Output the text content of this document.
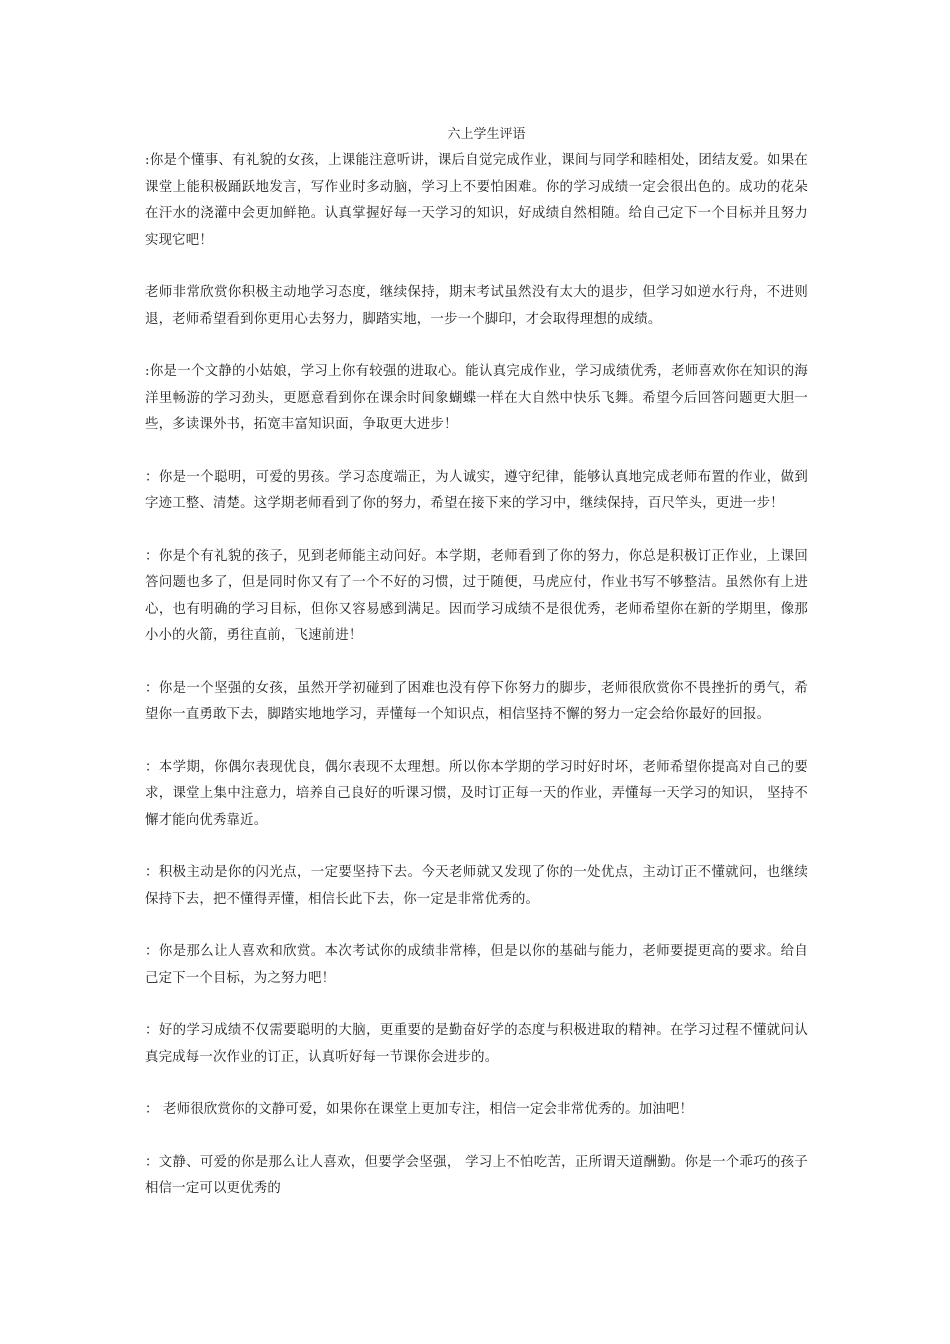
六上学生评语

:你是个懂事、有礼貌的女孩，上课能注意听讲，课后自觉完成作业，课间与同学和睦相处，团结友爱。如果在课堂上能积极踊跃地发言，写作业时多动脑，学习上不要怕困难。你的学习成绩一定会很出色的。成功的花朵在汗水的浇灌中会更加鲜艳。认真掌握好每一天学习的知识，好成绩自然相随。给自己定下一个目标并且努力实现它吧！

老师非常欣赏你积极主动地学习态度，继续保持，期末考试虽然没有太大的退步，但学习如逆水行舟，不进则退，老师希望看到你更用心去努力，脚踏实地，一步一个脚印，才会取得理想的成绩。

:你是一个文静的小姑娘，学习上你有较强的进取心。能认真完成作业，学习成绩优秀，老师喜欢你在知识的海洋里畅游的学习劲头，更愿意看到你在课余时间象蝴蝶一样在大自然中快乐飞舞。希望今后回答问题更大胆一些，多读课外书，拓宽丰富知识面，争取更大进步！

：你是一个聪明，可爱的男孩。学习态度端正，为人诚实，遵守纪律，能够认真地完成老师布置的作业，做到字迹工整、清楚。这学期老师看到了你的努力，希望在接下来的学习中，继续保持，百尺竿头，更进一步！

：你是个有礼貌的孩子，见到老师能主动问好。本学期，老师看到了你的努力，你总是积极订正作业，上课回答问题也多了，但是同时你又有了一个不好的习惯，过于随便，马虎应付，作业书写不够整洁。虽然你有上进心，也有明确的学习目标，但你又容易感到满足。因而学习成绩不是很优秀，老师希望你在新的学期里，像那小小的火箭，勇往直前，飞速前进！

：你是一个坚强的女孩，虽然开学初碰到了困难也没有停下你努力的脚步，老师很欣赏你不畏挫折的勇气，希望你一直勇敢下去，脚踏实地地学习，弄懂每一个知识点，相信坚持不懈的努力一定会给你最好的回报。

：本学期，你偶尔表现优良，偶尔表现不太理想。所以你本学期的学习时好时坏，老师希望你提高对自己的要求，课堂上集中注意力，培养自己良好的听课习惯，及时订正每一天的作业，弄懂每一天学习的知识， 坚持不懈才能向优秀靠近。

：积极主动是你的闪光点，一定要坚持下去。今天老师就又发现了你的一处优点，主动订正不懂就问，也继续保持下去，把不懂得弄懂，相信长此下去，你一定是非常优秀的。

：你是那么让人喜欢和欣赏。本次考试你的成绩非常棒，但是以你的基础与能力，老师要提更高的要求。给自己定下一个目标，为之努力吧！

：好的学习成绩不仅需要聪明的大脑，更重要的是勤奋好学的态度与积极进取的精神。在学习过程不懂就问认真完成每一次作业的订正，认真听好每一节课你会进步的。

： 老师很欣赏你的文静可爱，如果你在课堂上更加专注，相信一定会非常优秀的。加油吧！

：文静、可爱的你是那么让人喜欢，但要学会坚强， 学习上不怕吃苦，正所谓天道酬勤。你是一个乖巧的孩子相信一定可以更优秀的
